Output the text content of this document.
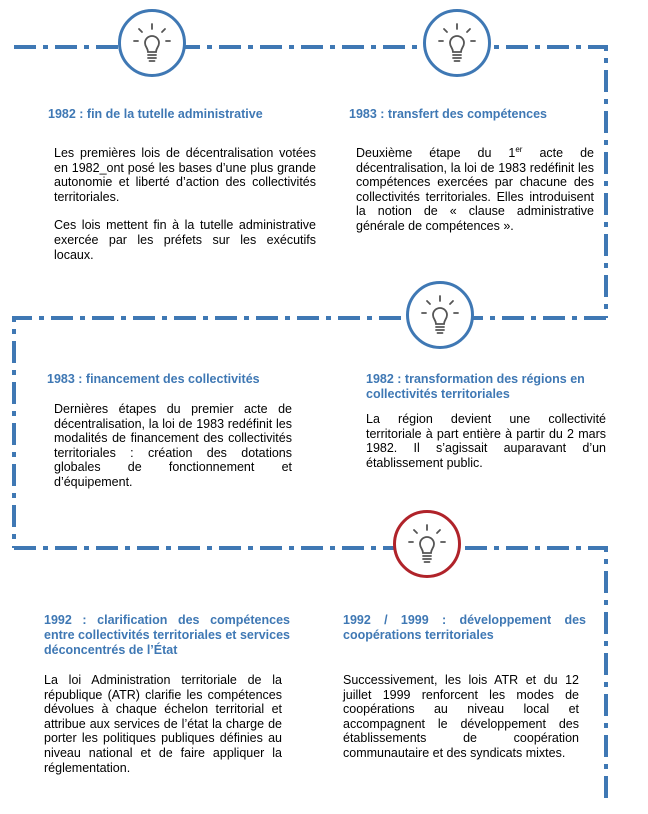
1982 : fin de la tutelle administrative

Les premières lois de décentralisation votées en 1982_ont posé les bases d’une plus grande autonomie et liberté d’action des collectivités territoriales.

Ces lois mettent fin à la tutelle administrative exercée par les préfets sur les exécutifs locaux.

1983 : transfert des compétences

Deuxième étape du 1er acte de décentralisation, la loi de 1983 redéfinit les compétences exercées par chacune des collectivités territoriales. Elles introduisent la notion de « clause administrative générale de compétences ».

1983 : financement des collectivités

Dernières étapes du premier acte de décentralisation, la loi de 1983 redéfinit les modalités de financement des collectivités territoriales : création des dotations globales de fonctionnement et d’équipement.

1982 : transformation des régions en collectivités territoriales

La région devient une collectivité territoriale à part entière à partir du 2 mars 1982. Il s’agissait auparavant d’un établissement public.

1992 : clarification des compétences entre collectivités territoriales et services déconcentrés de l’État

La loi Administration territoriale de la république (ATR) clarifie les compétences dévolues à chaque échelon territorial et attribue aux services de l’état la charge de porter les politiques publiques définies au niveau national et de faire appliquer la réglementation.

1992 / 1999 : développement des coopérations territoriales

Successivement, les lois ATR et du 12 juillet 1999 renforcent les modes de coopérations au niveau local et accompagnent le développement des établissements de coopération communautaire et des syndicats mixtes.
